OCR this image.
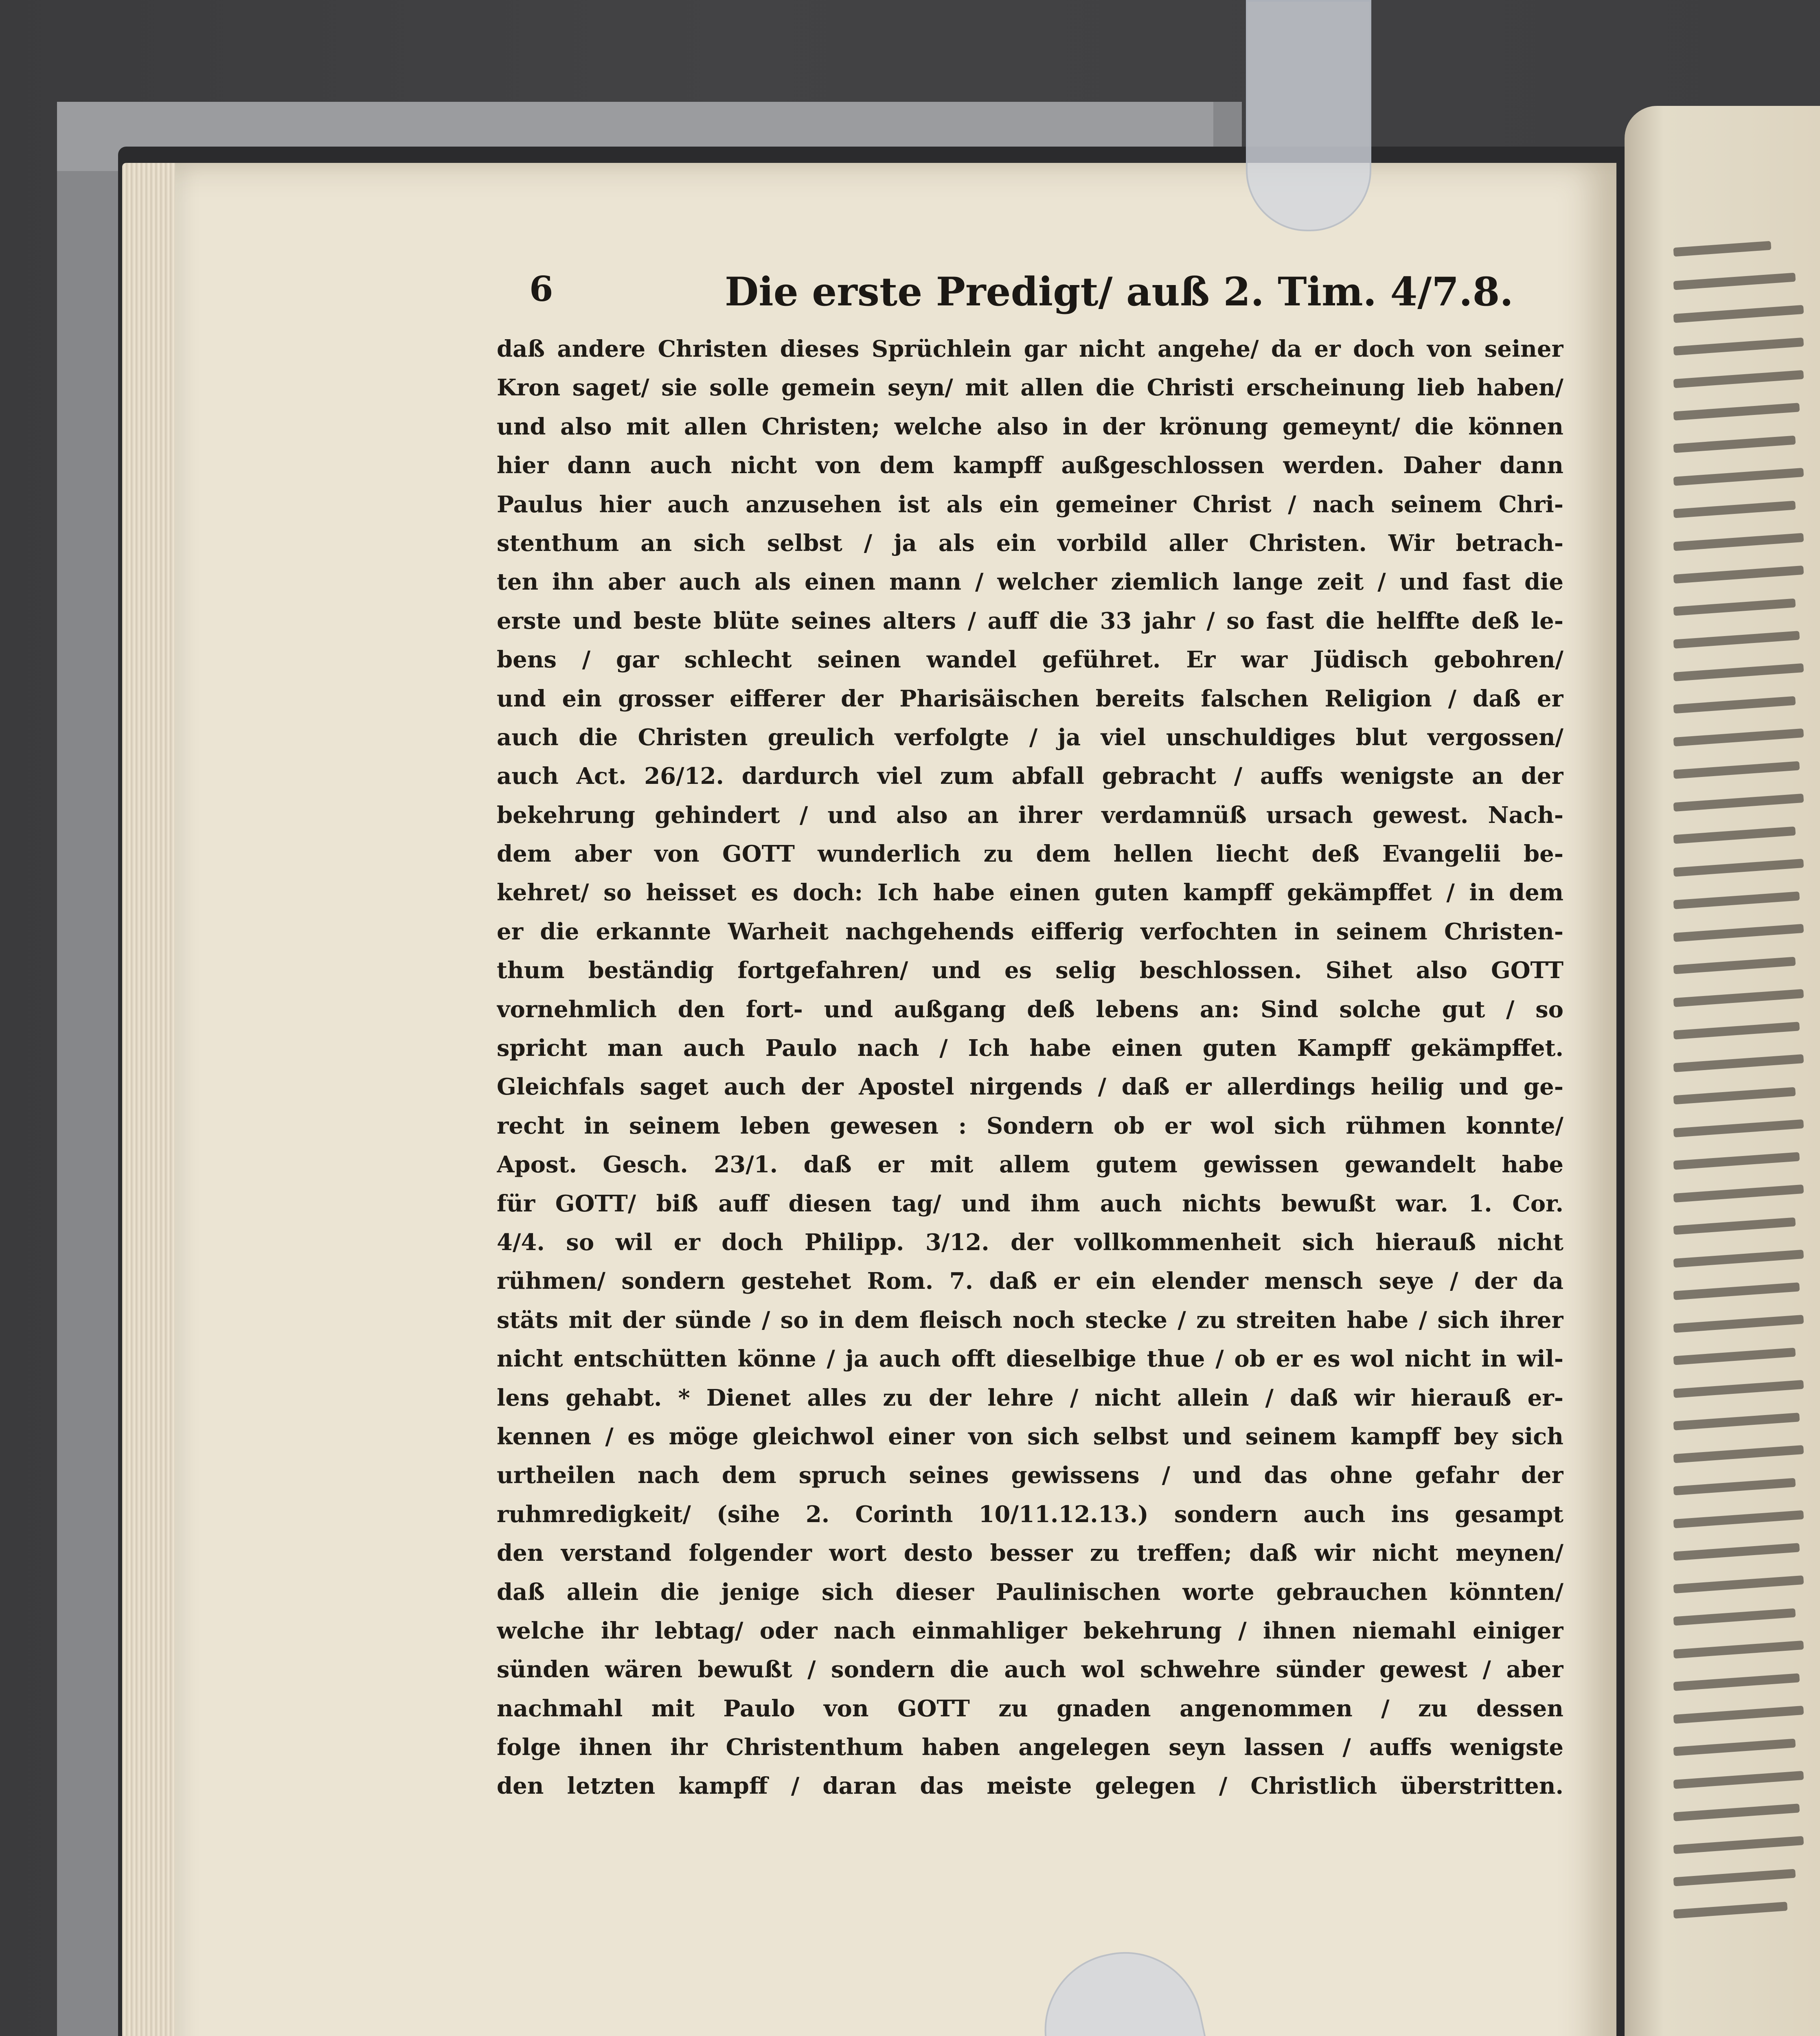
6	Die erste Predigt/ auß 2. Tim. 4/7.8.
daß andere Christen dieses Sprüchlein gar nicht angehe/ da er doch von seiner
Kron saget/ sie solle gemein seyn/ mit allen die Christi erscheinung lieb haben/
und also mit allen Christen; welche also in der krönung gemeynt/ die können
hier dann auch nicht von dem kampff außgeschlossen werden. Daher dann
Paulus hier auch anzusehen ist als ein gemeiner Christ / nach seinem Chri-
stenthum an sich selbst / ja als ein vorbild aller Christen. Wir betrach-
ten ihn aber auch als einen mann / welcher ziemlich lange zeit / und fast die
erste und beste blüte seines alters / auff die 33 jahr / so fast die helffte deß le-
bens / gar schlecht seinen wandel geführet. Er war Jüdisch gebohren/
und ein grosser eifferer der Pharisäischen bereits falschen Religion / daß er
auch die Christen greulich verfolgte / ja viel unschuldiges blut vergossen/
auch Act. 26/12. dardurch viel zum abfall gebracht / auffs wenigste an der
bekehrung gehindert / und also an ihrer verdamnüß ursach gewest. Nach-
dem aber von GOTT wunderlich zu dem hellen liecht deß Evangelii be-
kehret/ so heisset es doch: Ich habe einen guten kampff gekämpffet / in dem
er die erkannte Warheit nachgehends eifferig verfochten in seinem Christen-
thum beständig fortgefahren/ und es selig beschlossen. Sihet also GOTT
vornehmlich den fort- und außgang deß lebens an: Sind solche gut / so
spricht man auch Paulo nach / Ich habe einen guten Kampff gekämpffet.
Gleichfals saget auch der Apostel nirgends / daß er allerdings heilig und ge-
recht in seinem leben gewesen : Sondern ob er wol sich rühmen konnte/
Apost. Gesch. 23/1. daß er mit allem gutem gewissen gewandelt habe
für GOTT/ biß auff diesen tag/ und ihm auch nichts bewußt war. 1. Cor.
4/4. so wil er doch Philipp. 3/12. der vollkommenheit sich hierauß nicht
rühmen/ sondern gestehet Rom. 7. daß er ein elender mensch seye / der da
stäts mit der sünde / so in dem fleisch noch stecke / zu streiten habe / sich ihrer
nicht entschütten könne / ja auch offt dieselbige thue / ob er es wol nicht in wil-
lens gehabt. * Dienet alles zu der lehre / nicht allein / daß wir hierauß er-
kennen / es möge gleichwol einer von sich selbst und seinem kampff bey sich
urtheilen nach dem spruch seines gewissens / und das ohne gefahr der
ruhmredigkeit/ (sihe 2. Corinth 10/11.12.13.) sondern auch ins gesampt
den verstand folgender wort desto besser zu treffen; daß wir nicht meynen/
daß allein die jenige sich dieser Paulinischen worte gebrauchen könnten/
welche ihr lebtag/ oder nach einmahliger bekehrung / ihnen niemahl einiger
sünden wären bewußt / sondern die auch wol schwehre sünder gewest / aber
nachmahl mit Paulo von GOTT zu gnaden angenommen / zu dessen
folge ihnen ihr Christenthum haben angelegen seyn lassen / auffs wenigste
den letzten kampff / daran das meiste gelegen / Christlich überstritten.
